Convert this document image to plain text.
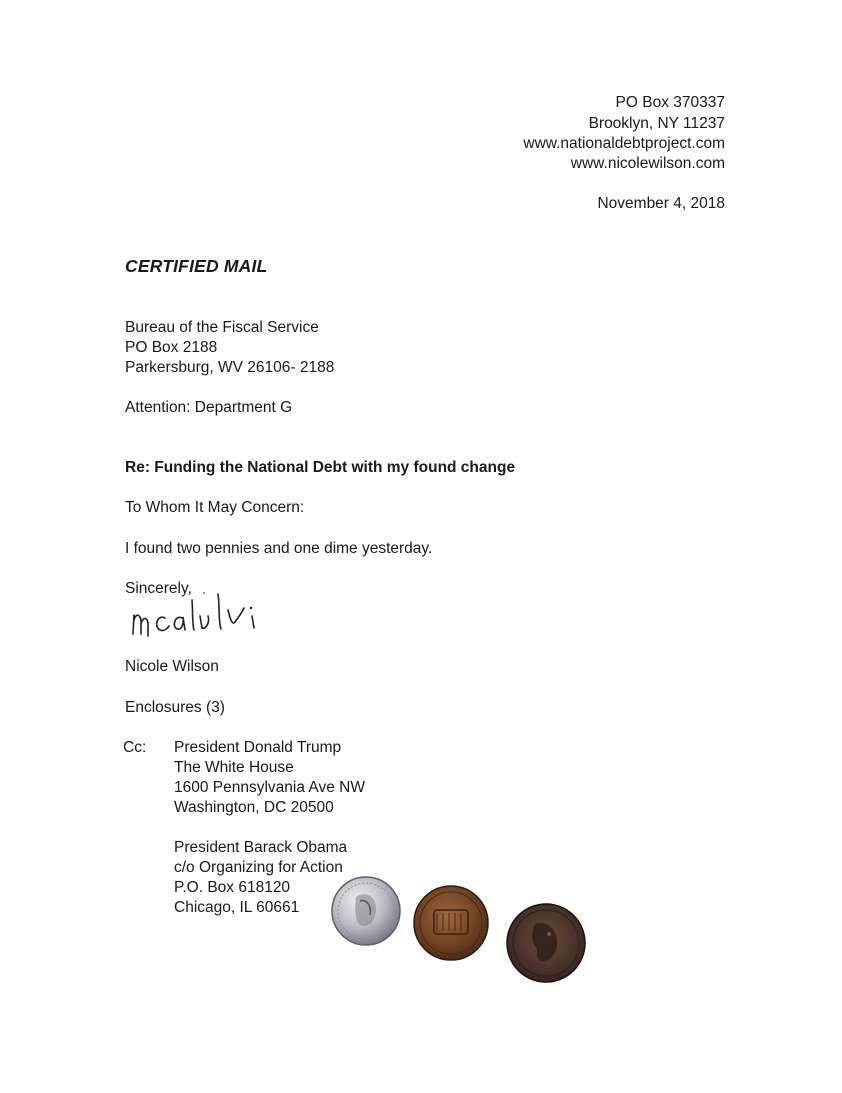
PO Box 370337
Brooklyn, NY 11237
www.nationaldebtproject.com
www.nicolewilson.com
November 4, 2018
CERTIFIED MAIL
Bureau of the Fiscal Service
PO Box 2188
Parkersburg, WV 26106- 2188
Attention: Department G
Re: Funding the National Debt with my found change
To Whom It May Concern:
I found two pennies and one dime yesterday.
Sincerely,
Nicole Wilson
Enclosures (3)
Cc: President Donald Trump
The White House
1600 Pennsylvania Ave NW
Washington, DC 20500
President Barack Obama
c/o Organizing for Action
P.O. Box 618120
Chicago, IL 60661
